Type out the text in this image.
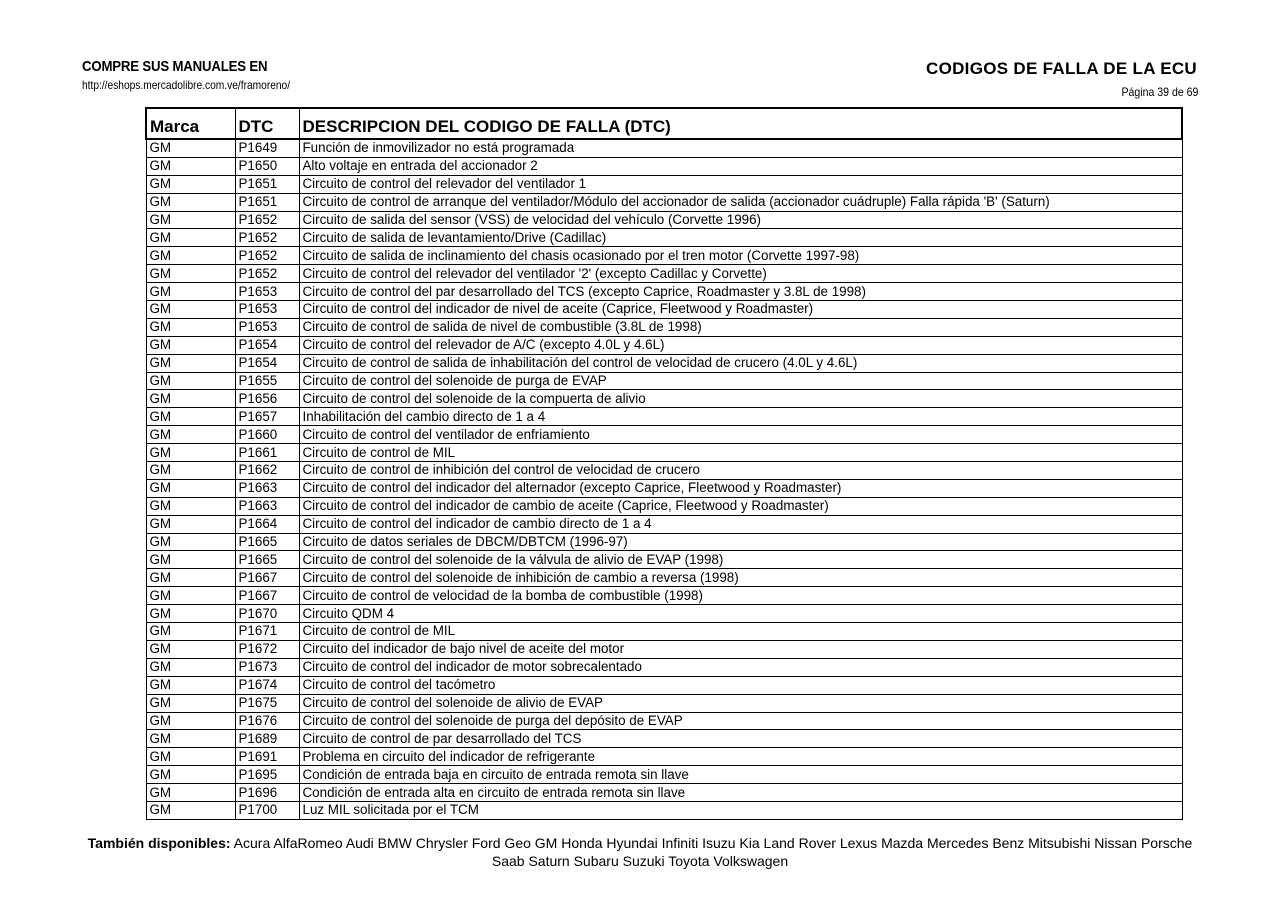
COMPRE SUS MANUALES EN
http://eshops.mercadolibre.com.ve/framoreno/
CODIGOS DE FALLA DE LA ECU
Página 39 de 69
Marca	DTC	DESCRIPCION DEL CODIGO DE FALLA (DTC)
GM	P1649	Función de inmovilizador no está programada
GM	P1650	Alto voltaje en entrada del accionador 2
GM	P1651	Circuito de control del relevador del ventilador 1
GM	P1651	Circuito de control de arranque del ventilador/Módulo del accionador de salida (accionador cuádruple) Falla rápida 'B' (Saturn)
GM	P1652	Circuito de salida del sensor (VSS) de velocidad del vehículo (Corvette 1996)
GM	P1652	Circuito de salida de levantamiento/Drive (Cadillac)
GM	P1652	Circuito de salida de inclinamiento del chasis ocasionado por el tren motor (Corvette 1997-98)
GM	P1652	Circuito de control del relevador del ventilador '2' (excepto Cadillac y Corvette)
GM	P1653	Circuito de control del par desarrollado del TCS (excepto Caprice, Roadmaster y 3.8L de 1998)
GM	P1653	Circuito de control del indicador de nivel de aceite (Caprice, Fleetwood y Roadmaster)
GM	P1653	Circuito de control de salida de nivel de combustible (3.8L de 1998)
GM	P1654	Circuito de control del relevador de A/C (excepto 4.0L y 4.6L)
GM	P1654	Circuito de control de salida de inhabilitación del control de velocidad de crucero (4.0L y 4.6L)
GM	P1655	Circuito de control del solenoide de purga de EVAP
GM	P1656	Circuito de control del solenoide de la compuerta de alivio
GM	P1657	Inhabilitación del cambio directo de 1 a 4
GM	P1660	Circuito de control del ventilador de enfriamiento
GM	P1661	Circuito de control de MIL
GM	P1662	Circuito de control de inhibición del control de velocidad de crucero
GM	P1663	Circuito de control del indicador del alternador (excepto Caprice, Fleetwood y Roadmaster)
GM	P1663	Circuito de control del indicador de cambio de aceite (Caprice, Fleetwood y Roadmaster)
GM	P1664	Circuito de control del indicador de cambio directo de 1 a 4
GM	P1665	Circuito de datos seriales de DBCM/DBTCM (1996-97)
GM	P1665	Circuito de control del solenoide de la válvula de alivio de EVAP (1998)
GM	P1667	Circuito de control del solenoide de inhibición de cambio a reversa (1998)
GM	P1667	Circuito de control de velocidad de la bomba de combustible (1998)
GM	P1670	Circuito QDM 4
GM	P1671	Circuito de control de MIL
GM	P1672	Circuito del indicador de bajo nivel de aceite del motor
GM	P1673	Circuito de control del indicador de motor sobrecalentado
GM	P1674	Circuito de control del tacómetro
GM	P1675	Circuito de control del solenoide de alivio de EVAP
GM	P1676	Circuito de control del solenoide de purga del depósito de EVAP
GM	P1689	Circuito de control de par desarrollado del TCS
GM	P1691	Problema en circuito del indicador de refrigerante
GM	P1695	Condición de entrada baja en circuito de entrada remota sin llave
GM	P1696	Condición de entrada alta en circuito de entrada remota sin llave
GM	P1700	Luz MIL solicitada por el TCM
También disponibles: Acura AlfaRomeo Audi BMW Chrysler Ford Geo GM Honda Hyundai Infiniti Isuzu Kia Land Rover Lexus Mazda Mercedes Benz Mitsubishi Nissan Porsche Saab Saturn Subaru Suzuki Toyota Volkswagen
